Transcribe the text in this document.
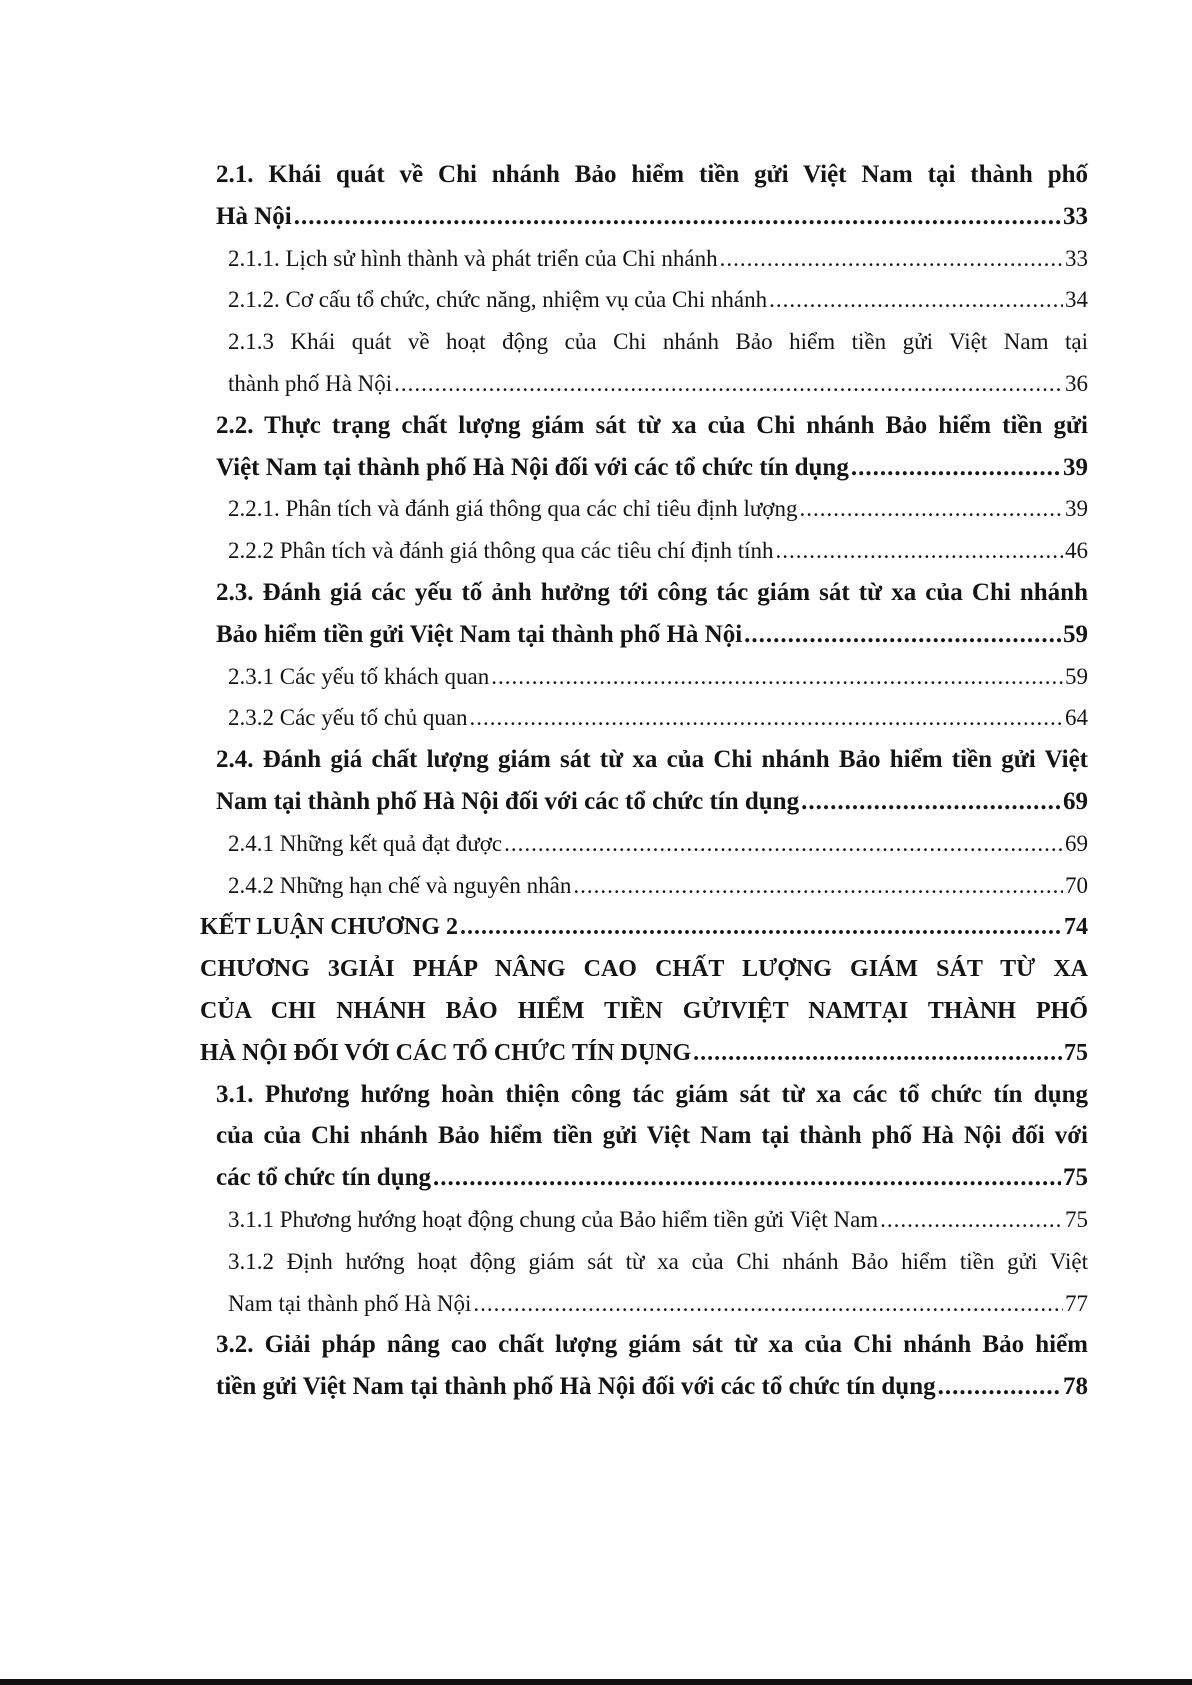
2.1. Khái quát về Chi nhánh Bảo hiểm tiền gửi Việt Nam tại thành phố
Hà Nội .....	33
2.1.1. Lịch sử hình thành và phát triển của Chi nhánh .....	33
2.1.2. Cơ cấu tổ chức, chức năng, nhiệm vụ của Chi nhánh .....	34
2.1.3 Khái quát về hoạt động của Chi nhánh Bảo hiểm tiền gửi Việt Nam tại
thành phố Hà Nội .....	36
2.2. Thực trạng chất lượng giám sát từ xa của Chi nhánh Bảo hiểm tiền gửi
Việt Nam tại thành phố Hà Nội đối với các tổ chức tín dụng .....	39
2.2.1. Phân tích và đánh giá thông qua các chỉ tiêu định lượng .....	39
2.2.2 Phân tích và đánh giá thông qua các tiêu chí định tính .....	46
2.3. Đánh giá các yếu tố ảnh hưởng tới công tác giám sát từ xa của Chi nhánh
Bảo hiểm tiền gửi Việt Nam tại thành phố Hà Nội .....	59
2.3.1 Các yếu tố khách quan .....	59
2.3.2 Các yếu tố chủ quan .....	64
2.4. Đánh giá chất lượng giám sát từ xa của Chi nhánh Bảo hiểm tiền gửi Việt
Nam tại thành phố Hà Nội đối với các tổ chức tín dụng .....	69
2.4.1 Những kết quả đạt được .....	69
2.4.2 Những hạn chế và nguyên nhân .....	70
KẾT LUẬN CHƯƠNG 2 .....	74
CHƯƠNG 3GIẢI PHÁP NÂNG CAO CHẤT LƯỢNG GIÁM SÁT TỪ XA
CỦA CHI NHÁNH BẢO HIỂM TIỀN GỬIVIỆT NAMTẠI THÀNH PHỐ
HÀ NỘI ĐỐI VỚI CÁC TỔ CHỨC TÍN DỤNG .....	75
3.1. Phương hướng hoàn thiện công tác giám sát từ xa các tổ chức tín dụng
của của Chi nhánh Bảo hiểm tiền gửi Việt Nam tại thành phố Hà Nội đối với
các tổ chức tín dụng .....	75
3.1.1 Phương hướng hoạt động chung của Bảo hiểm tiền gửi Việt Nam .....	75
3.1.2 Định hướng hoạt động giám sát từ xa của Chi nhánh Bảo hiểm tiền gửi Việt
Nam tại thành phố Hà Nội .....	77
3.2. Giải pháp nâng cao chất lượng giám sát từ xa của Chi nhánh Bảo hiểm
tiền gửi Việt Nam tại thành phố Hà Nội đối với các tổ chức tín dụng .....	78
